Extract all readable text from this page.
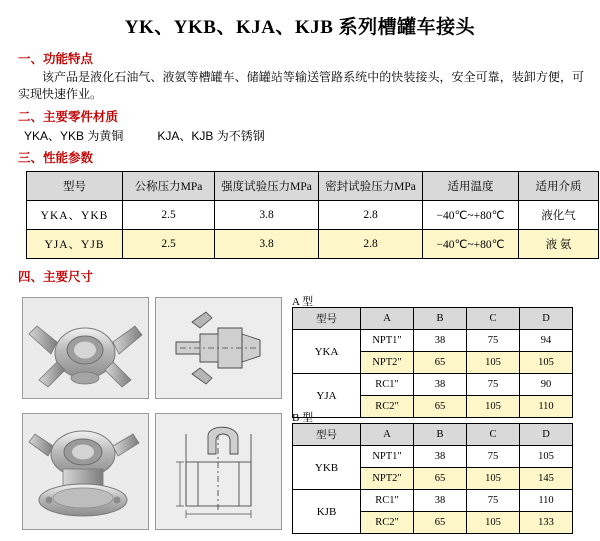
YK、YKB、KJA、KJB 系列槽罐车接头
一、功能特点
该产品是液化石油气、液氨等槽罐车、储罐站等输送管路系统中的快装接头，安全可靠，装卸方便，可实现快速作业。
二、主要零件材质
YKA、YKB 为黄铜	KJA、KJB 为不锈钢
三、性能参数
型号	公称压力MPa	强度试验压力MPa	密封试验压力MPa	适用温度	适用介质
YKA、YKB	2.5	3.8	2.8	−40℃~+80℃	液化气
YJA、YJB	2.5	3.8	2.8	−40℃~+80℃	液 氨
四、主要尺寸
A 型
型号	A	B	C	D
YKA	NPT1"	38	75	94
	NPT2"	65	105	105
YJA	RC1"	38	75	90
	RC2"	65	105	110
B 型
型号	A	B	C	D
YKB	NPT1"	38	75	105
	NPT2"	65	105	145
KJB	RC1"	38	75	110
	RC2"	65	105	133
